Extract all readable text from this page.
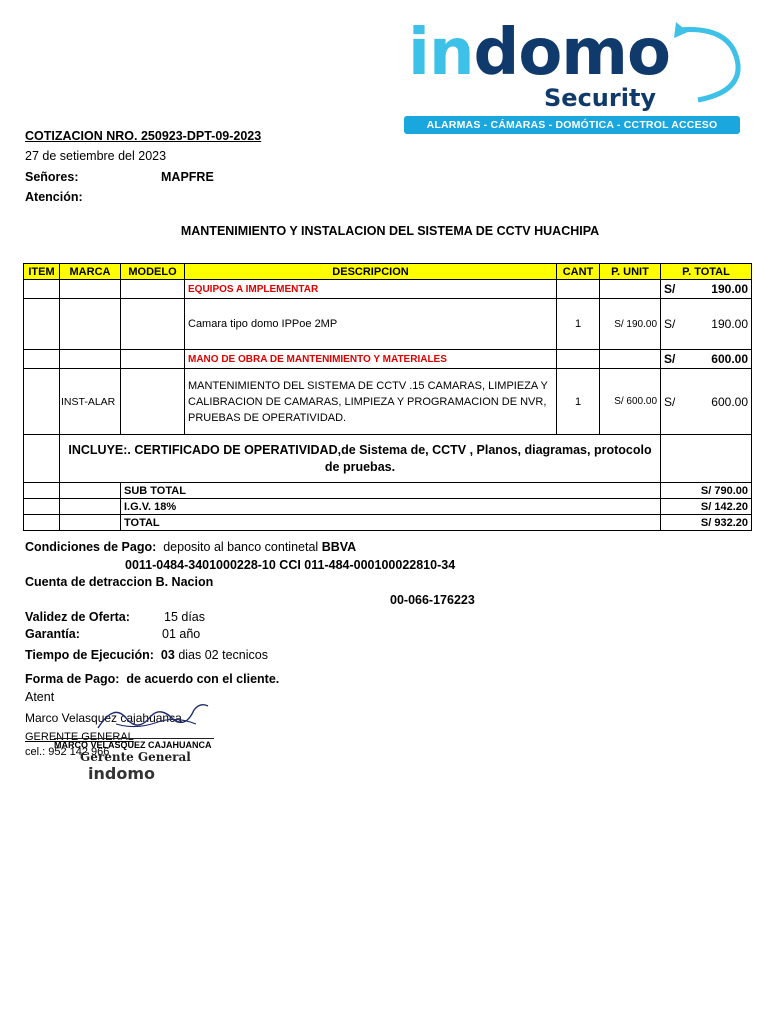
indomo
Security
ALARMAS - CÁMARAS - DOMÓTICA - CCTROL ACCESO
COTIZACION NRO. 250923-DPT-09-2023
27 de setiembre del 2023
Señores:	MAPFRE
Atención:
MANTENIMIENTO Y INSTALACION DEL SISTEMA DE CCTV HUACHIPA
ITEM	MARCA	MODELO	DESCRIPCION	CANT	P. UNIT	P. TOTAL
			EQUIPOS A IMPLEMENTAR			S/ 190.00

			Camara tipo domo IPPoe 2MP	1	S/ 190.00	S/ 190.00

			MANO DE OBRA DE MANTENIMIENTO Y MATERIALES			S/ 600.00

	INST-ALAR		MANTENIMIENTO DEL SISTEMA DE CCTV .15 CAMARAS, LIMPIEZA Y CALIBRACION DE CAMARAS, LIMPIEZA Y PROGRAMACION DE NVR, PRUEBAS DE OPERATIVIDAD.	1	S/ 600.00	S/ 600.00

	INCLUYE:. CERTIFICADO DE OPERATIVIDAD,de Sistema de, CCTV , Planos, diagramas, protocolo de pruebas.					
		SUB TOTAL				S/ 790.00
		I.G.V. 18%				S/ 142.20
		TOTAL				S/ 932.20
Condiciones de Pago: deposito al banco continetal BBVA
0011-0484-3401000228-10 CCI 011-484-000100022810-34
Cuenta de detraccion B. Nacion
00-066-176223
Validez de Oferta:	15 días
Garantía:	01 año
Tiempo de Ejecución: 03 dias 02 tecnicos
Forma de Pago: de acuerdo con el cliente.
Atent
Marco Velasquez cajahuanca
GERENTE GENERAL
cel.: 952 142 966
MARCO VELASQUEZ CAJAHUANCA
Gerente General
indomo
